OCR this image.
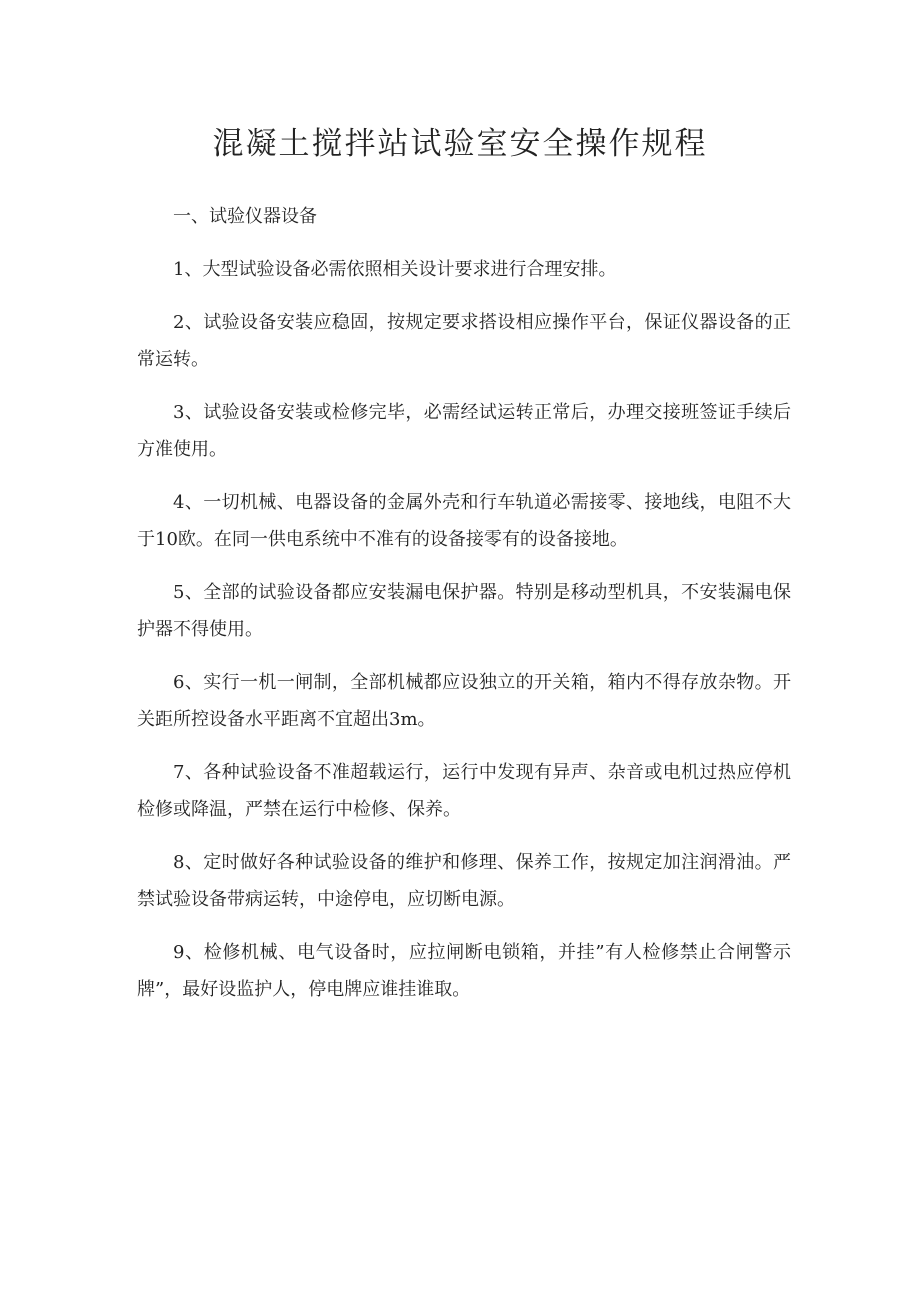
混凝土搅拌站试验室安全操作规程

一、试验仪器设备

1、大型试验设备必需依照相关设计要求进行合理安排。

2、试验设备安装应稳固，按规定要求搭设相应操作平台，保证仪器设备的正常运转。

3、试验设备安装或检修完毕，必需经试运转正常后，办理交接班签证手续后方准使用。

4、一切机械、电器设备的金属外壳和行车轨道必需接零、接地线，电阻不大于10欧。在同一供电系统中不准有的设备接零有的设备接地。

5、全部的试验设备都应安装漏电保护器。特别是移动型机具，不安装漏电保护器不得使用。

6、实行一机一闸制，全部机械都应设独立的开关箱，箱内不得存放杂物。开关距所控设备水平距离不宜超出3m。

7、各种试验设备不准超载运行，运行中发现有异声、杂音或电机过热应停机检修或降温，严禁在运行中检修、保养。

8、定时做好各种试验设备的维护和修理、保养工作，按规定加注润滑油。严禁试验设备带病运转，中途停电，应切断电源。

9、检修机械、电气设备时，应拉闸断电锁箱，并挂”有人检修禁止合闸警示牌”，最好设监护人，停电牌应谁挂谁取。
